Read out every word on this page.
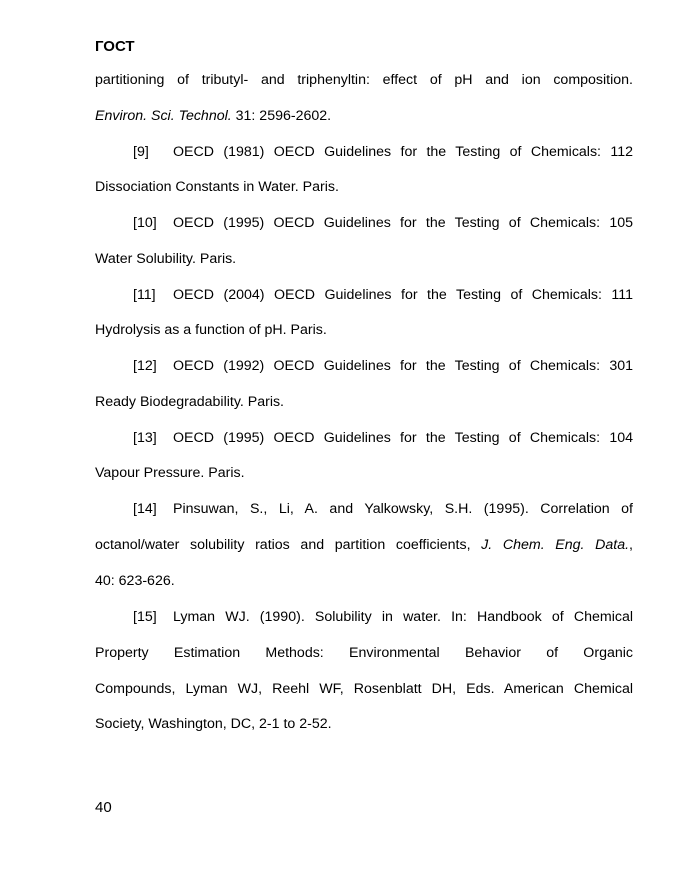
ГОСТ
partitioning of tributyl- and triphenyltin: effect of pH and ion composition.
Environ. Sci. Technol. 31: 2596-2602.
[9] OECD (1981) OECD Guidelines for the Testing of Chemicals: 112
Dissociation Constants in Water. Paris.
[10] OECD (1995) OECD Guidelines for the Testing of Chemicals: 105
Water Solubility. Paris.
[11] OECD (2004) OECD Guidelines for the Testing of Chemicals: 111
Hydrolysis as a function of pH. Paris.
[12] OECD (1992) OECD Guidelines for the Testing of Chemicals: 301
Ready Biodegradability. Paris.
[13] OECD (1995) OECD Guidelines for the Testing of Chemicals: 104
Vapour Pressure. Paris.
[14] Pinsuwan, S., Li, A. and Yalkowsky, S.H. (1995). Correlation of
octanol/water solubility ratios and partition coefficients, J. Chem. Eng. Data.,
40: 623-626.
[15] Lyman WJ. (1990). Solubility in water. In: Handbook of Chemical
Property Estimation Methods: Environmental Behavior of Organic
Compounds, Lyman WJ, Reehl WF, Rosenblatt DH, Eds. American Chemical
Society, Washington, DC, 2-1 to 2-52.
40
